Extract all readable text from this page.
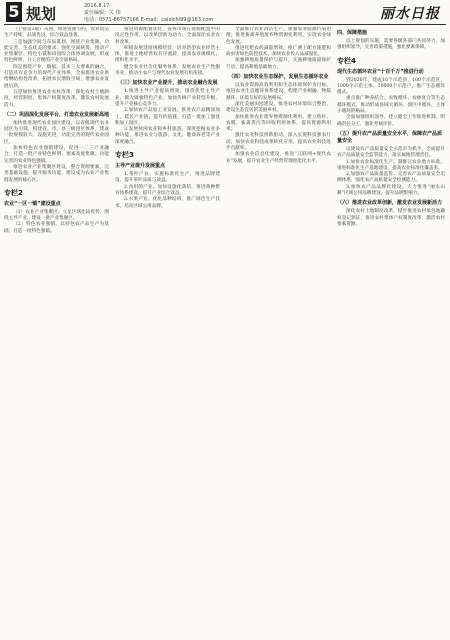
5 规划	2016.8.17
责任编辑：关 伟
电话：0571-86757166 E-mail：caixichi99@163.com	丽水日报

（上接第3版）从而，推进资源节约，农业清洁生产持续，品质优良，综合效益显著。

三是加强空间与布局谋划，围绕产业集聚、功能完善、生态优美的要求，强化空间统筹，推动产业集聚区、特色小镇和田园综合体协调发展，形成特色鲜明、分工合理的产业空间格局。

四是围绕产业，数据，技术三大要素的融合，打造具有竞争力的现代产业体系，全面推进农业供给侧结构性改革，拓展农民增收空间，增强农业发展后劲。

五是加快推进农业农村改革，深化农村土地制度、经营制度、集体产权制度改革，激发农村发展活力。

（二）巩固深化发展平台，打造农业发展新高地

加快推进现代农业园区建设，以省级现代农业园区为引领，构建省、市、县三级园区体系，建成一批规模较大、设施先进、功能完善的现代农业园区。

加快特色农业强镇建设，促进一二三产业融合，打造一批产业特色鲜明、要素高度集聚、功能完善的农业特色强镇。

推进农业产业集聚区建设，整合资源要素，完善基础设施，提升服务功能，建设成为农业产业集群发展的核心区。

专栏2
农业“一区一镇”建设重点

（1）农业产业集聚区。立足区域比较优势，围绕主导产业，建设一批产业集聚区。

（2）特色农业强镇。以特色农产品生产为基础，打造一批特色强镇。

推进资源配置优化，发挥市场在资源配置中的决定性作用，以改革创新为动力，全面深化农业农村改革。

积极发展适度规模经营，培育新型农业经营主体，推进土地经营权有序流转，提高农业规模化、组织化水平。

健全农业社会化服务体系，发展农业生产性服务业，推动小农户与现代农业发展有机衔接。

（三）加快农业产业提升，推动农业融合发展

1.推进主导产业提质增效。围绕优势主导产业，做大做强特色产业，加快传统产业转型升级，提升产业核心竞争力。

2.加快农产品加工业发展。推进农产品精深加工，延长产业链，提升价值链，打造一批加工强县和加工园区。

3.发展休闲农业和乡村旅游。深度挖掘农业多种功能，推进农业与旅游、文化、健康养老等产业深度融合。

专栏3
主导产业提升发展重点

1.茶叶产业。实施标准化生产，推进品牌建设，提升茶叶品质与效益。

2.食用菌产业。加快设施化栽培，推进菌种繁育体系建设，提升产业综合效益。

3.水果产业。优化品种结构，推广绿色生产技术，培育区域公用品牌。

全面推行农业清洁生产，加强农业面源污染治理，推进畜禽养殖废弃物资源化利用，实现农业绿色发展。

推进化肥农药减量增效，推广测土配方施肥和病虫害绿色防控技术，加快农业投入品减量化。

加强耕地质量保护与提升，实施耕地质量保护行动，提高耕地基础地力。

（四）加快农业生态保护，发展生态循环农业

以农业资源高效利用和生态环境保护为目标，推进农业生态循环体系建设，构建产业相融、物质循环、环境友好的发展格局。

深化美丽田园建设，推进农村环境综合整治，建设生态宜居的美丽乡村。

加快推进农业废弃物资源化利用，建立秸秆、农膜、畜禽粪污等回收利用体系，提高资源利用率。

强化农业科技创新驱动，深入实施科技强农行动，加快农业科技成果转化应用，提高农业科技进步贡献率。

加强农业信息化建设，推进“互联网+现代农业”发展，提升农业生产经营管理智能化水平。

四、保障措施

以上规划的实施，需要各级各部门共同努力，加强组织领导，完善政策措施，强化要素保障。

专栏4
现代生态循环农业“十百千万”推进行动

到2020年，建成10个示范县、100个示范区、1000个示范主体、10000个示范户，推广生态循环模式。

重点推广种养结合、农牧循环、农林复合等生态循环模式，推动形成县域大循环、园区中循环、主体小循环的格局。

全面加强组织领导，建立健全工作推进机制，明确责任分工，强化考核评价。

（五）提升农产品质量安全水平，保障农产品质量安全

以建设农产品质量安全示范市为抓手，全面提升农产品质量安全监管能力，落实属地管理责任。

1.加快农业标准化生产。制修订农业地方标准，推进标准化生产基地建设，提高农业标准化覆盖率。

2.加强农产品质量监管。完善农产品质量安全追溯体系，强化农产品质量安全检测能力。

3.加快农产品品牌化建设。大力推进“丽水山耕”区域公用品牌建设，提升品牌影响力。

（六）推进农业改革创新，激发农业发展新活力

深化农村土地制度改革，稳步推进农村承包地确权登记颁证，推进农村集体产权制度改革，激活农村要素资源。
